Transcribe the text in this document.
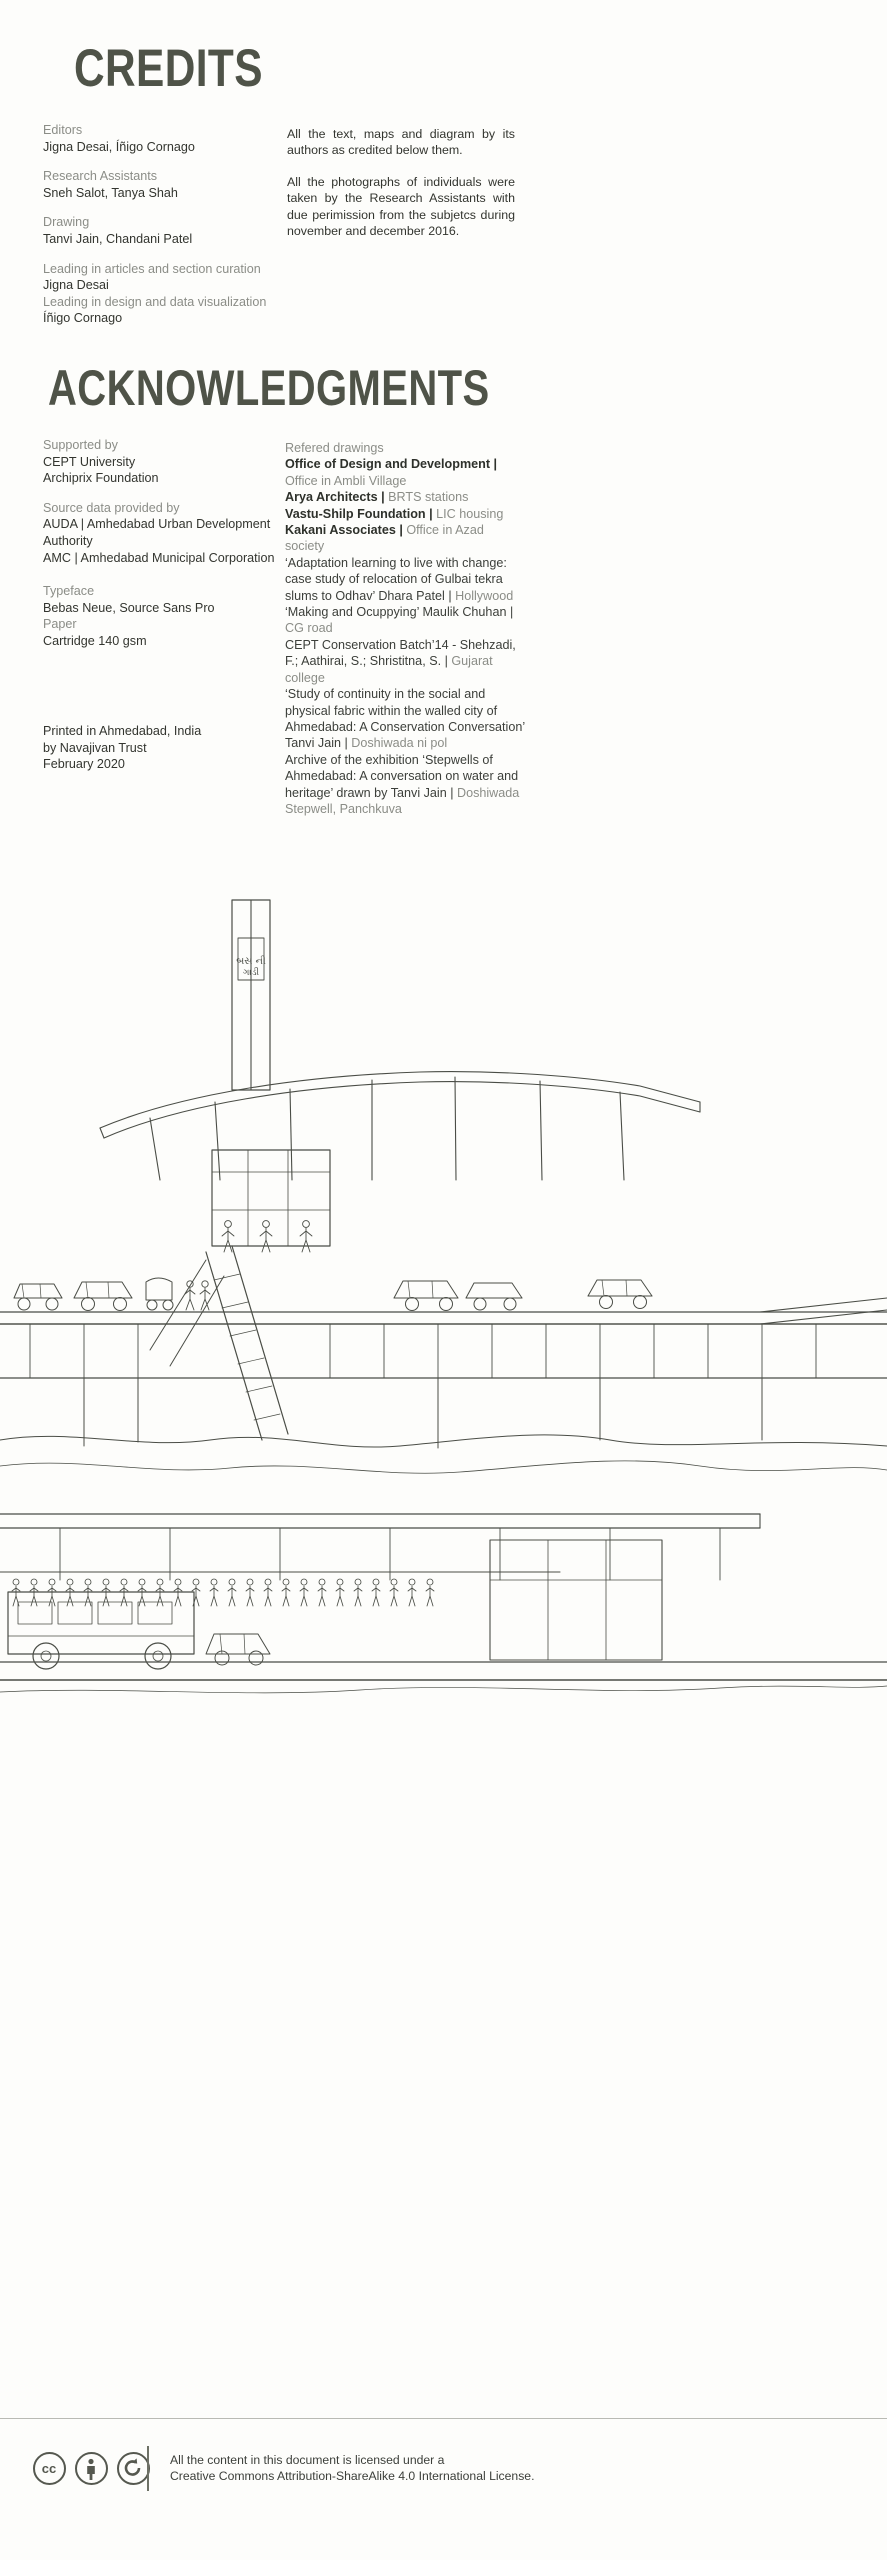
CREDITS
Editors
Jigna Desai, Íñigo Cornago
Research Assistants
Sneh Salot, Tanya Shah
Drawing
Tanvi Jain, Chandani Patel
Leading in articles and section curation
Jigna Desai
Leading in design and data visualization
Íñigo Cornago

All the text, maps and diagram by its authors as credited below them.

All the photographs of individuals were taken by the Research Assistants with due perimission from the subjetcs during november and december 2016.

ACKNOWLEDGMENTS
Supported by
CEPT University
Archiprix Foundation
Source data provided by
AUDA | Amhedabad Urban Development Authority
AMC | Amhedabad Municipal Corporation
Typeface
Bebas Neue, Source Sans Pro
Paper
Cartridge 140 gsm
Printed in Ahmedabad, India
by Navajivan Trust
February 2020
Refered drawings
Office of Design and Development | Office in Ambli Village
Arya Architects | BRTS stations
Vastu-Shilp Foundation | LIC housing
Kakani Associates | Office in Azad society
‘Adaptation learning to live with change: case study of relocation of Gulbai tekra slums to Odhav’ Dhara Patel | Hollywood
‘Making and Ocuppying’ Maulik Chuhan | CG road
CEPT Conservation Batch’14 - Shehzadi, F.; Aathirai, S.; Shristitna, S. | Gujarat college
‘Study of continuity in the social and physical fabric within the walled city of Ahmedabad: A Conservation Conversation’ Tanvi Jain | Doshiwada ni pol
Archive of the exhibition ‘Stepwells of Ahmedabad: A conversation on water and heritage’ drawn by Tanvi Jain | Doshiwada Stepwell, Panchkuva
બસ ની
ગાડી
cc
All the content in this document is licensed under a
Creative Commons Attribution-ShareAlike 4.0 International License.
